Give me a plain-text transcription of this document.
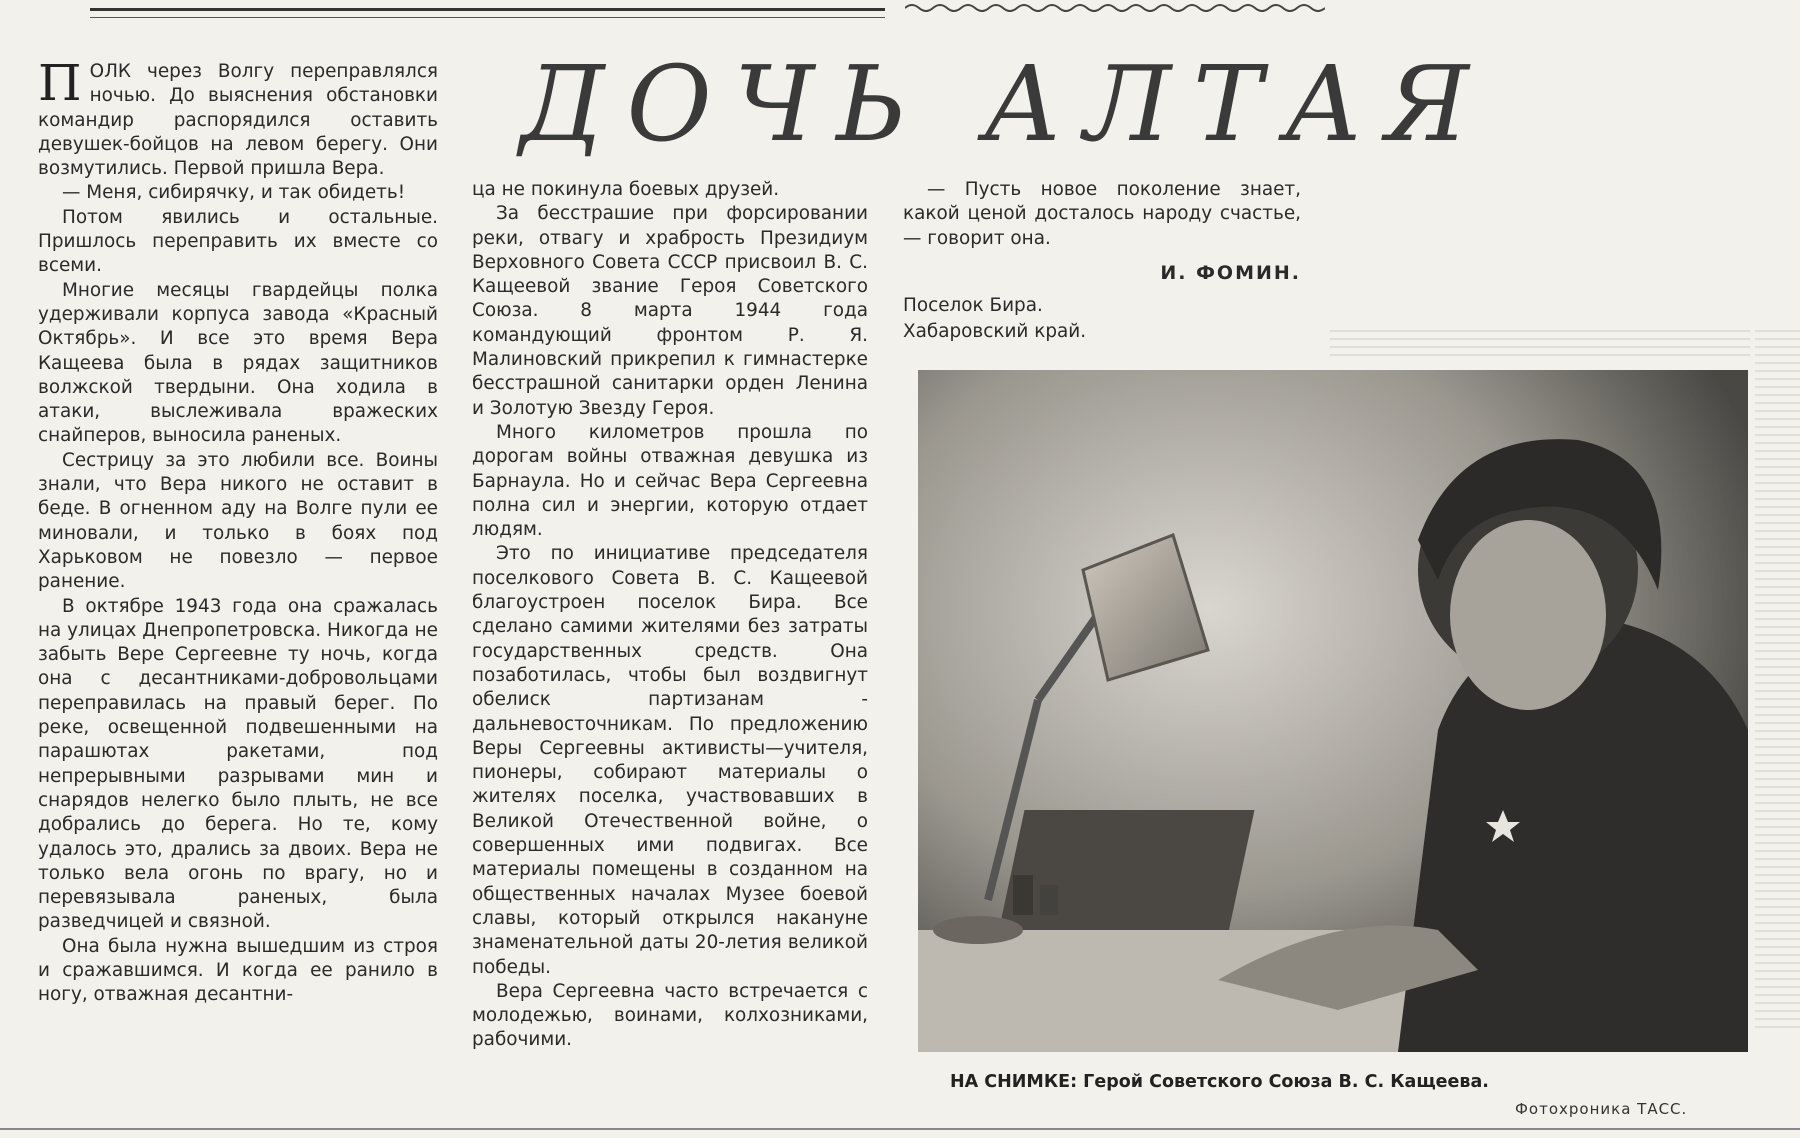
ДОЧЬ АЛТАЯ

ПОЛК через Волгу переправлялся ночью. До выяснения обстановки командир распорядился оставить девушек-бойцов на левом берегу. Они возмутились. Первой пришла Вера.

— Меня, сибирячку, и так обидеть!

Потом явились и остальные. Пришлось переправить их вместе со всеми.

Многие месяцы гвардейцы полка удерживали корпуса завода «Красный Октябрь». И все это время Вера Кащеева была в рядах защитников волжской твердыни. Она ходила в атаки, выслеживала вражеских снайперов, выносила раненых.

Сестрицу за это любили все. Воины знали, что Вера никого не оставит в беде. В огненном аду на Волге пули ее миновали, и только в боях под Харьковом не повезло — первое ранение.

В октябре 1943 года она сражалась на улицах Днепропетровска. Никогда не забыть Вере Сергеевне ту ночь, когда она с десантниками-добровольцами переправилась на правый берег. По реке, освещенной подвешенными на парашютах ракетами, под непрерывными разрывами мин и снарядов нелегко было плыть, не все добрались до берега. Но те, кому удалось это, дрались за двоих. Вера не только вела огонь по врагу, но и перевязывала раненых, была разведчицей и связной.

Она была нужна вышедшим из строя и сражавшимся. И когда ее ранило в ногу, отважная десантни-

ца не покинула боевых друзей.

За бесстрашие при форсировании реки, отвагу и храбрость Президиум Верховного Совета СССР присвоил В. С. Кащеевой звание Героя Советского Союза. 8 марта 1944 года командующий фронтом Р. Я. Малиновский прикрепил к гимнастерке бесстрашной санитарки орден Ленина и Золотую Звезду Героя.

Много километров прошла по дорогам войны отважная девушка из Барнаула. Но и сейчас Вера Сергеевна полна сил и энергии, которую отдает людям.

Это по инициативе председателя поселкового Совета В. С. Кащеевой благоустроен поселок Бира. Все сделано самими жителями без затраты государственных средств. Она позаботилась, чтобы был воздвигнут обелиск партизанам - дальневосточникам. По предложению Веры Сергеевны активисты—учителя, пионеры, собирают материалы о жителях поселка, участвовавших в Великой Отечественной войне, о совершенных ими подвигах. Все материалы помещены в созданном на общественных началах Музее боевой славы, который открылся накануне знаменательной даты 20-летия великой победы.

Вера Сергеевна часто встречается с молодежью, воинами, колхозниками, рабочими.

— Пусть новое поколение знает, какой ценой досталось народу счастье, — говорит она.

И. ФОМИН.
Поселок Бира.
Хабаровский край.
НА СНИМКЕ: Герой Советского Союза В. С. Кащеева.
Фотохроника ТАСС.
